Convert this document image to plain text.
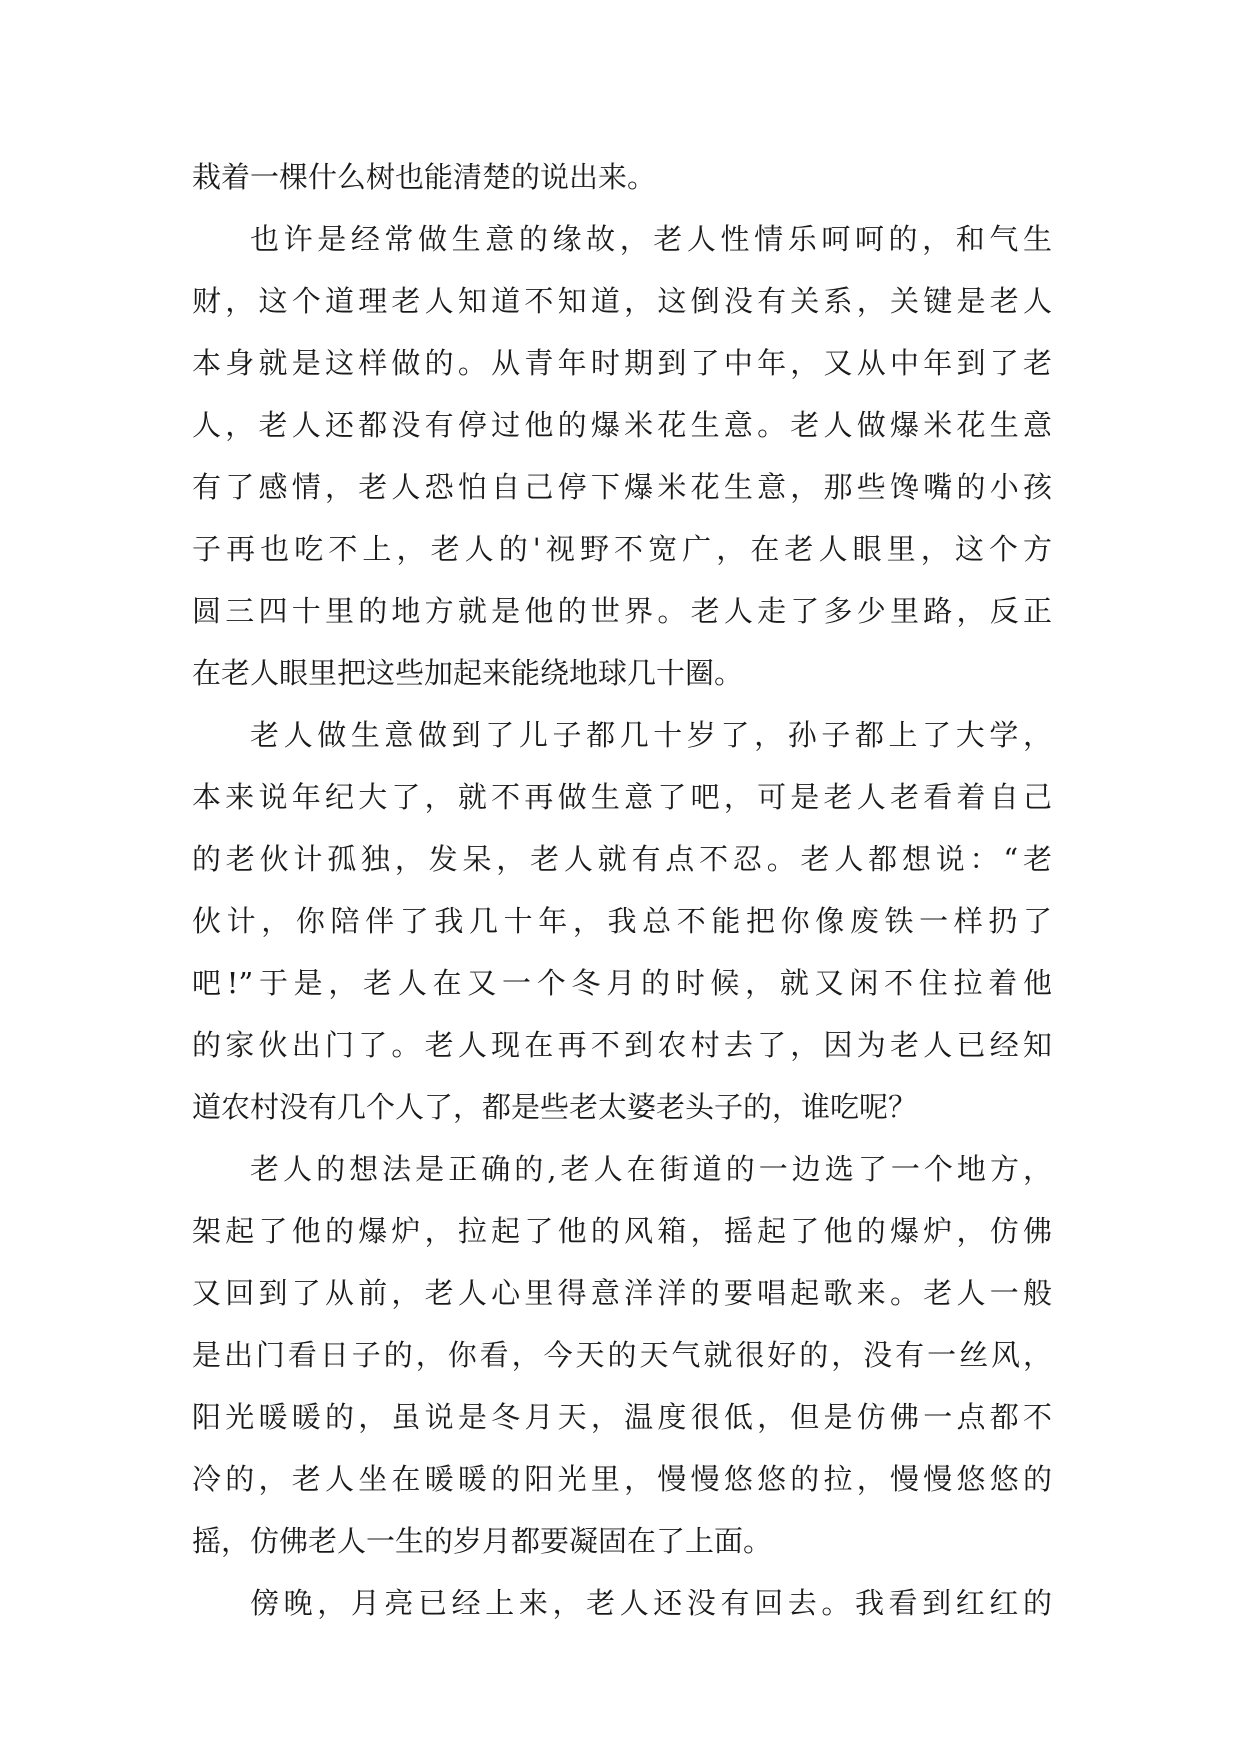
栽着一棵什么树也能清楚的说出来。
也许是经常做生意的缘故，老人性情乐呵呵的，和气生
财，这个道理老人知道不知道，这倒没有关系，关键是老人
本身就是这样做的。从青年时期到了中年，又从中年到了老
人，老人还都没有停过他的爆米花生意。老人做爆米花生意
有了感情，老人恐怕自己停下爆米花生意，那些馋嘴的小孩
子再也吃不上，老人的'视野不宽广，在老人眼里，这个方
圆三四十里的地方就是他的世界。老人走了多少里路，反正
在老人眼里把这些加起来能绕地球几十圈。
老人做生意做到了儿子都几十岁了，孙子都上了大学，
本来说年纪大了，就不再做生意了吧，可是老人老看着自己
的老伙计孤独，发呆，老人就有点不忍。老人都想说：“老
伙计，你陪伴了我几十年，我总不能把你像废铁一样扔了
吧!”于是，老人在又一个冬月的时候，就又闲不住拉着他
的家伙出门了。老人现在再不到农村去了，因为老人已经知
道农村没有几个人了，都是些老太婆老头子的，谁吃呢？
老人的想法是正确的,老人在街道的一边选了一个地方，
架起了他的爆炉，拉起了他的风箱，摇起了他的爆炉，仿佛
又回到了从前，老人心里得意洋洋的要唱起歌来。老人一般
是出门看日子的，你看，今天的天气就很好的，没有一丝风，
阳光暖暖的，虽说是冬月天，温度很低，但是仿佛一点都不
冷的，老人坐在暖暖的阳光里，慢慢悠悠的拉，慢慢悠悠的
摇，仿佛老人一生的岁月都要凝固在了上面。
傍晚，月亮已经上来，老人还没有回去。我看到红红的
